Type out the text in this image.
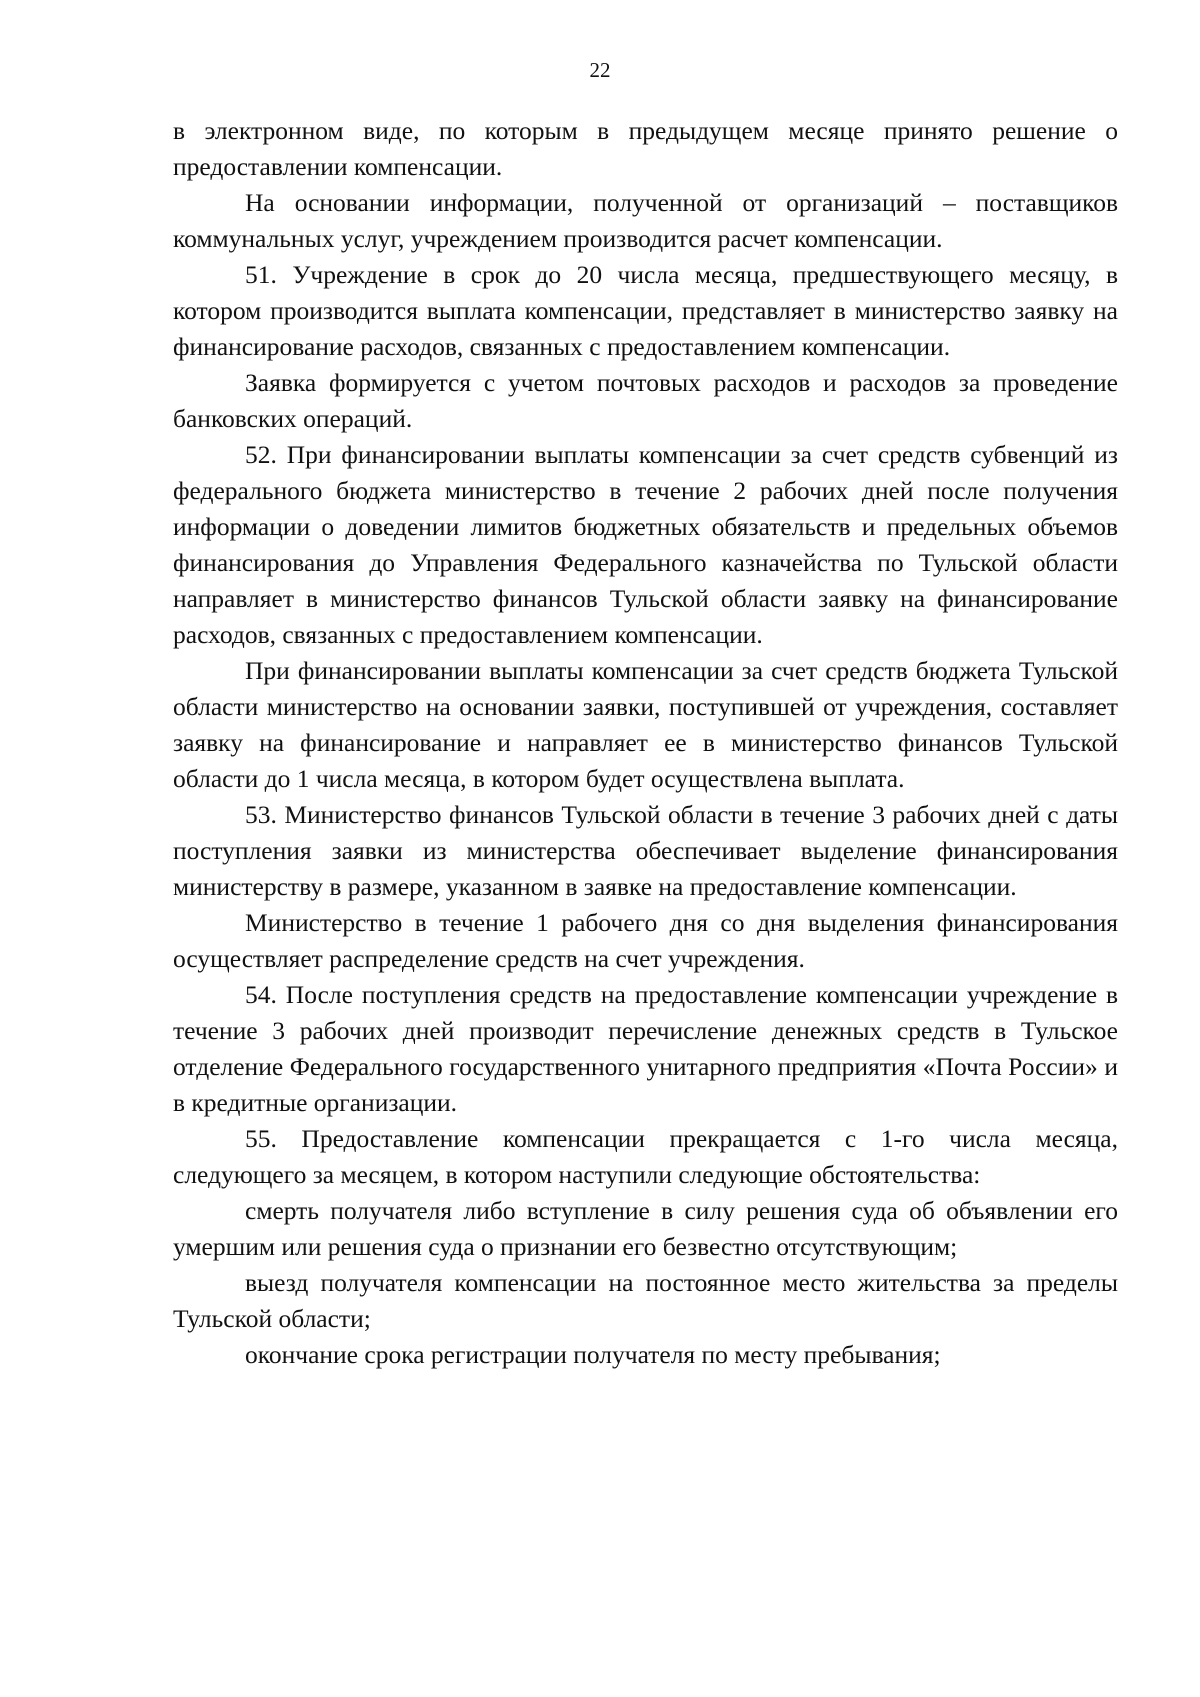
22

в электронном виде, по которым в предыдущем месяце принято решение о предоставлении компенсации.

На основании информации, полученной от организаций – поставщиков коммунальных услуг, учреждением производится расчет компенсации.

51. Учреждение в срок до 20 числа месяца, предшествующего месяцу, в котором производится выплата компенсации, представляет в министерство заявку на финансирование расходов, связанных с предоставлением компенсации.

Заявка формируется с учетом почтовых расходов и расходов за проведение банковских операций.

52. При финансировании выплаты компенсации за счет средств субвенций из федерального бюджета министерство в течение 2 рабочих дней после получения информации о доведении лимитов бюджетных обязательств и предельных объемов финансирования до Управления Федерального казначейства по Тульской области направляет в министерство финансов Тульской области заявку на финансирование расходов, связанных с предоставлением компенсации.

При финансировании выплаты компенсации за счет средств бюджета Тульской области министерство на основании заявки, поступившей от учреждения, составляет заявку на финансирование и направляет ее в министерство финансов Тульской области до 1 числа месяца, в котором будет осуществлена выплата.

53. Министерство финансов Тульской области в течение 3 рабочих дней с даты поступления заявки из министерства обеспечивает выделение финансирования министерству в размере, указанном в заявке на предоставление компенсации.

Министерство в течение 1 рабочего дня со дня выделения финансирования осуществляет распределение средств на счет учреждения.

54. После поступления средств на предоставление компенсации учреждение в течение 3 рабочих дней производит перечисление денежных средств в Тульское отделение Федерального государственного унитарного предприятия «Почта России» и в кредитные организации.

55. Предоставление компенсации прекращается с 1-го числа месяца, следующего за месяцем, в котором наступили следующие обстоятельства:

смерть получателя либо вступление в силу решения суда об объявлении его умершим или решения суда о признании его безвестно отсутствующим;

выезд получателя компенсации на постоянное место жительства за пределы Тульской области;

окончание срока регистрации получателя по месту пребывания;
